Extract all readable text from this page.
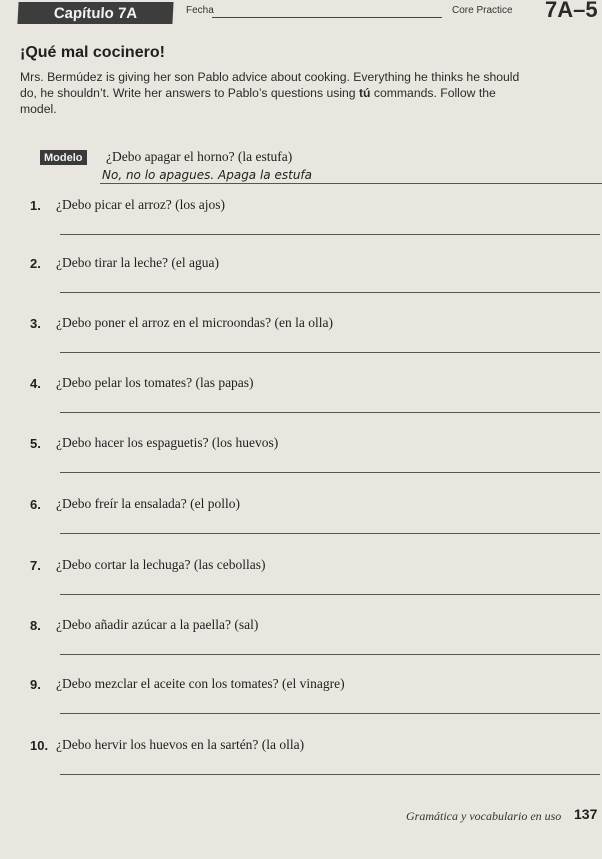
Capítulo 7A	Fecha	Core Practice 7A–5
¡Qué mal cocinero!
Mrs. Bermúdez is giving her son Pablo advice about cooking. Everything he thinks he should
do, he shouldn’t. Write her answers to Pablo’s questions using tú commands. Follow the
model.
Modelo ¿Debo apagar el horno? (la estufa)
No, no lo apagues. Apaga la estufa
1. ¿Debo picar el arroz? (los ajos)
2. ¿Debo tirar la leche? (el agua)
3. ¿Debo poner el arroz en el microondas? (en la olla)
4. ¿Debo pelar los tomates? (las papas)
5. ¿Debo hacer los espaguetis? (los huevos)
6. ¿Debo freír la ensalada? (el pollo)
7. ¿Debo cortar la lechuga? (las cebollas)
8. ¿Debo añadir azúcar a la paella? (sal)
9. ¿Debo mezclar el aceite con los tomates? (el vinagre)
10. ¿Debo hervir los huevos en la sartén? (la olla)
Gramática y vocabulario en uso 137
